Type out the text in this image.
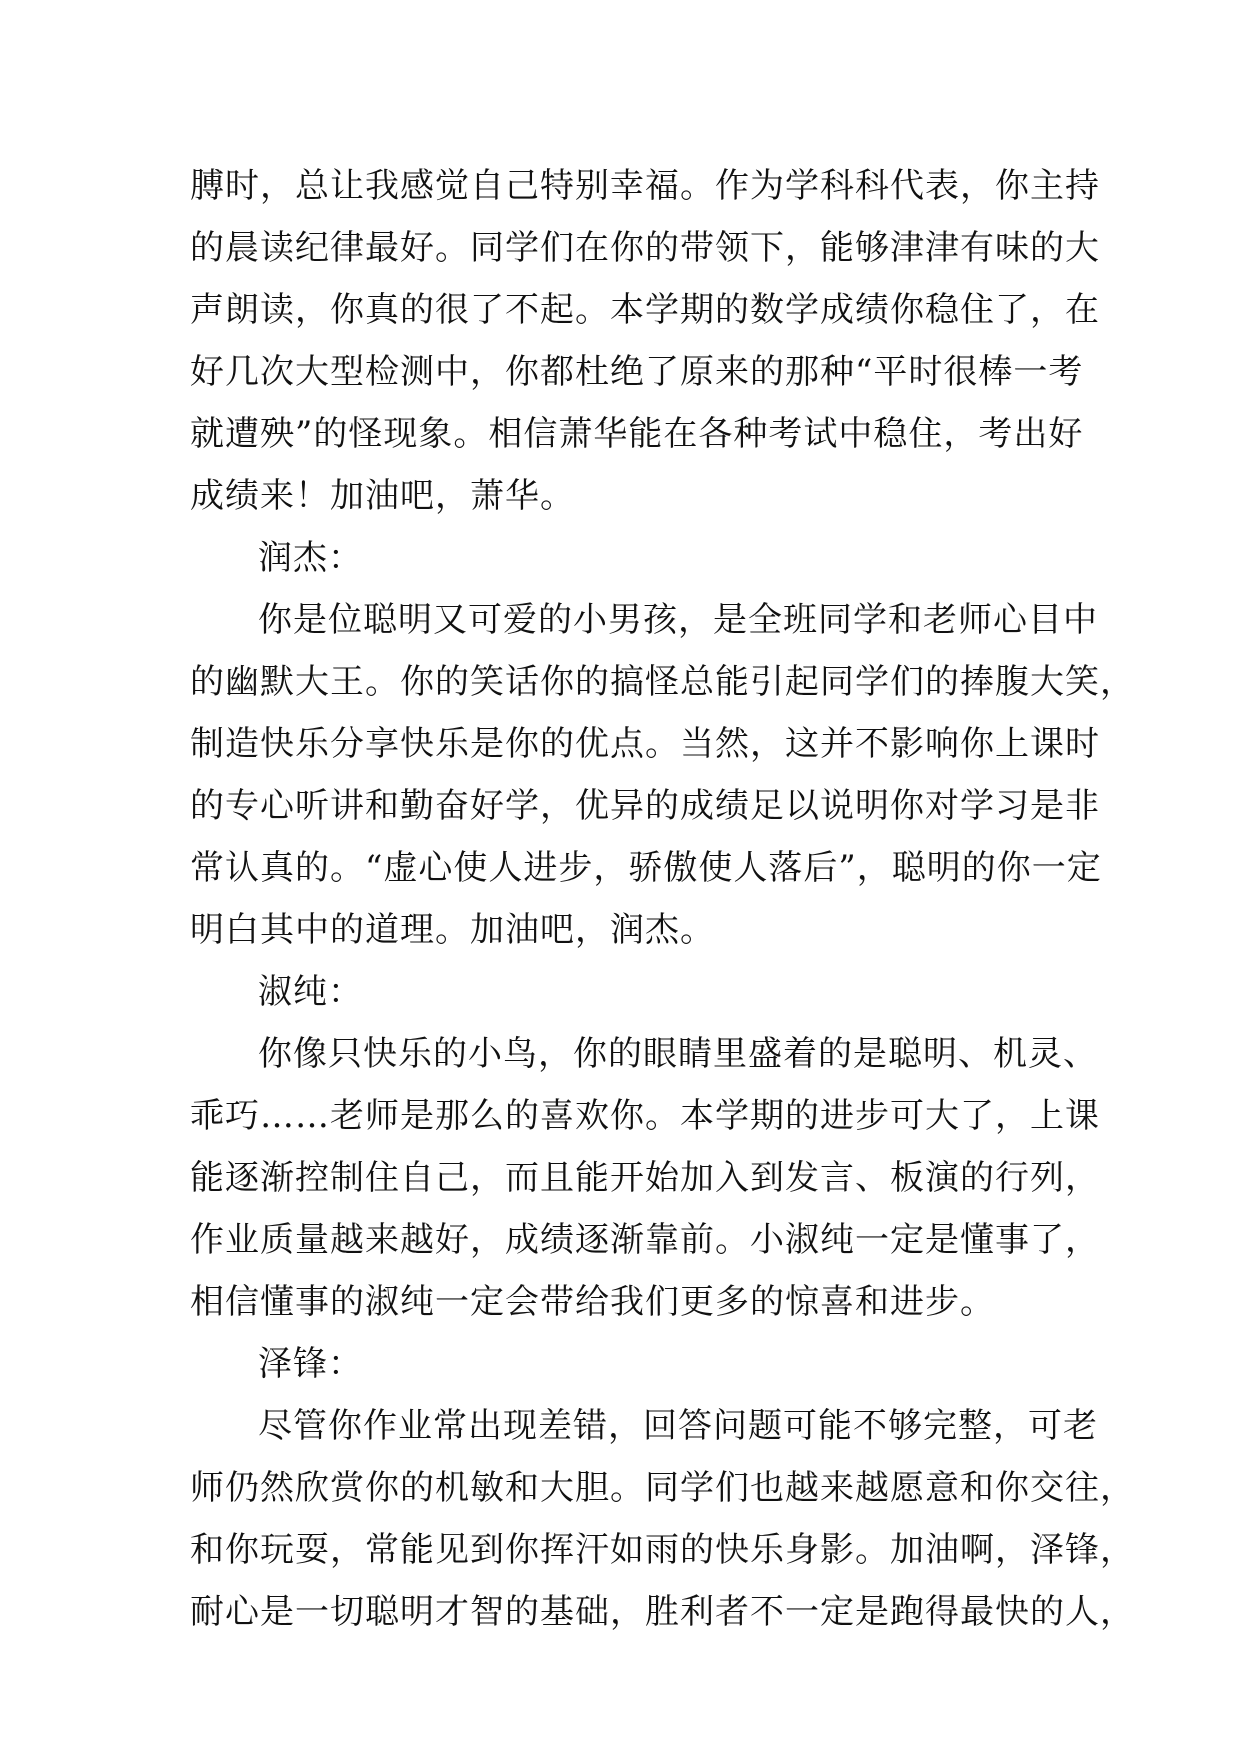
膊时，总让我感觉自己特别幸福。作为学科科代表，你主持
的晨读纪律最好。同学们在你的带领下，能够津津有味的大
声朗读，你真的很了不起。本学期的数学成绩你稳住了，在
好几次大型检测中，你都杜绝了原来的那种“平时很棒一考
就遭殃”的怪现象。相信萧华能在各种考试中稳住，考出好
成绩来！加油吧，萧华。
润杰：
你是位聪明又可爱的小男孩，是全班同学和老师心目中
的幽默大王。你的笑话你的搞怪总能引起同学们的捧腹大笑，
制造快乐分享快乐是你的优点。当然，这并不影响你上课时
的专心听讲和勤奋好学，优异的成绩足以说明你对学习是非
常认真的。“虚心使人进步，骄傲使人落后”，聪明的你一定
明白其中的道理。加油吧，润杰。
淑纯：
你像只快乐的小鸟，你的眼睛里盛着的是聪明、机灵、
乖巧……老师是那么的喜欢你。本学期的进步可大了，上课
能逐渐控制住自己，而且能开始加入到发言、板演的行列，
作业质量越来越好，成绩逐渐靠前。小淑纯一定是懂事了，
相信懂事的淑纯一定会带给我们更多的惊喜和进步。
泽锋：
尽管你作业常出现差错，回答问题可能不够完整，可老
师仍然欣赏你的机敏和大胆。同学们也越来越愿意和你交往，
和你玩耍，常能见到你挥汗如雨的快乐身影。加油啊，泽锋，
耐心是一切聪明才智的基础，胜利者不一定是跑得最快的人，
